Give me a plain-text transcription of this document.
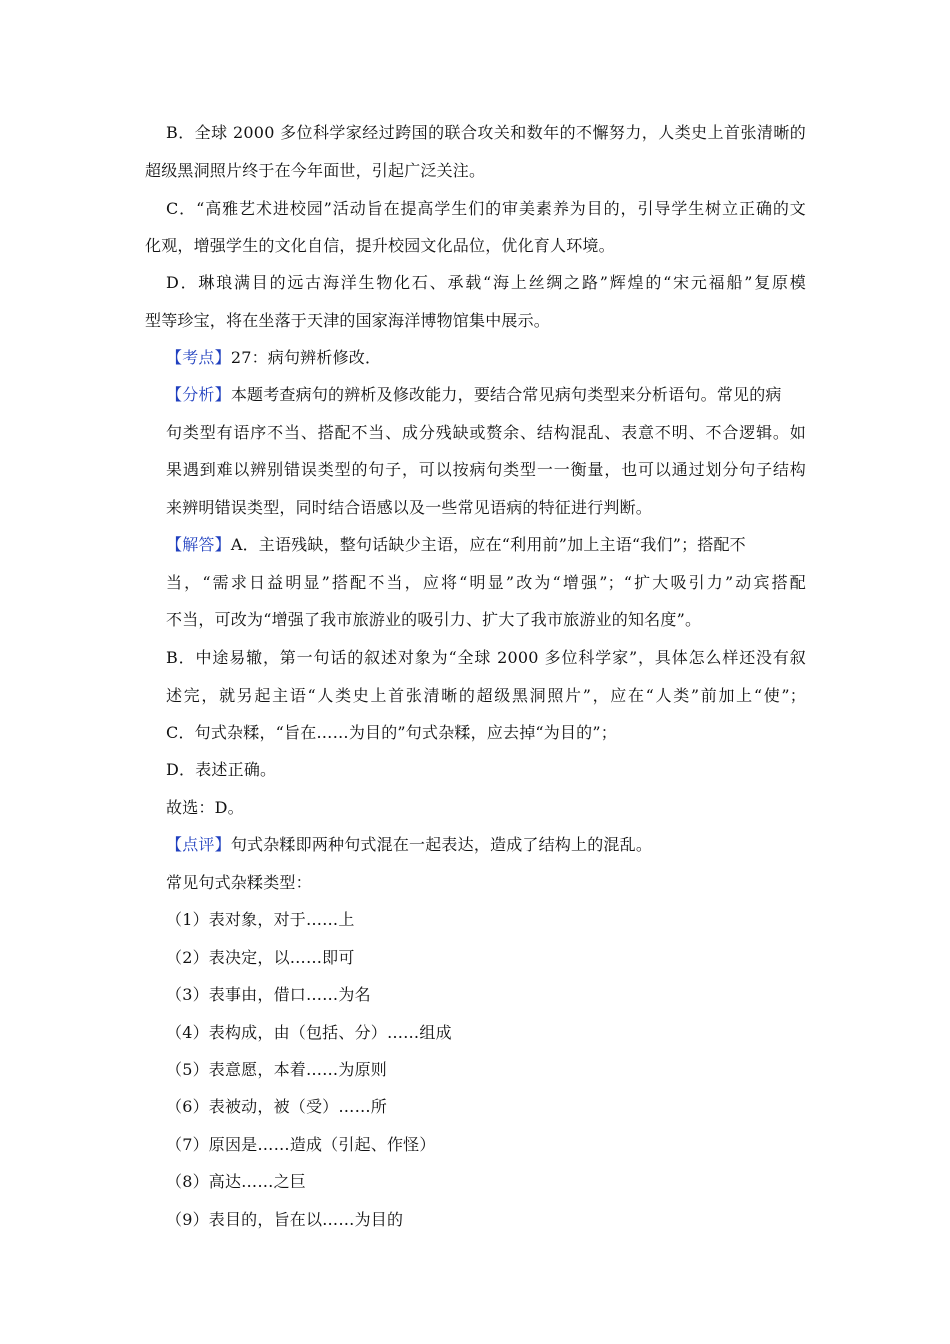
B．全球 2000 多位科学家经过跨国的联合攻关和数年的不懈努力，人类史上首张清晰的
超级黑洞照片终于在今年面世，引起广泛关注。
C．“高雅艺术进校园”活动旨在提高学生们的审美素养为目的，引导学生树立正确的文
化观，增强学生的文化自信，提升校园文化品位，优化育人环境。
D．琳琅满目的远古海洋生物化石、承载“海上丝绸之路”辉煌的“宋元福船”复原模
型等珍宝，将在坐落于天津的国家海洋博物馆集中展示。
【考点】27：病句辨析修改．
【分析】本题考查病句的辨析及修改能力，要结合常见病句类型来分析语句。常见的病
句类型有语序不当、搭配不当、成分残缺或赘余、结构混乱、表意不明、不合逻辑。如
果遇到难以辨别错误类型的句子，可以按病句类型一一衡量，也可以通过划分句子结构
来辨明错误类型，同时结合语感以及一些常见语病的特征进行判断。
【解答】A．主语残缺，整句话缺少主语，应在“利用前”加上主语“我们”；搭配不
当，“需求日益明显”搭配不当，应将“明显”改为“增强”；“扩大吸引力”动宾搭配
不当，可改为“增强了我市旅游业的吸引力、扩大了我市旅游业的知名度”。
B．中途易辙，第一句话的叙述对象为“全球 2000 多位科学家”，具体怎么样还没有叙
述完，就另起主语“人类史上首张清晰的超级黑洞照片”，应在“人类”前加上“使”；
C．句式杂糅，“旨在……为目的”句式杂糅，应去掉“为目的”；
D．表述正确。
故选：D。
【点评】句式杂糅即两种句式混在一起表达，造成了结构上的混乱。
常见句式杂糅类型：
（1）表对象，对于……上
（2）表决定，以……即可
（3）表事由，借口……为名
（4）表构成，由（包括、分）……组成
（5）表意愿，本着……为原则
（6）表被动，被（受）……所
（7）原因是……造成（引起、作怪）
（8）高达……之巨
（9）表目的，旨在以……为目的
